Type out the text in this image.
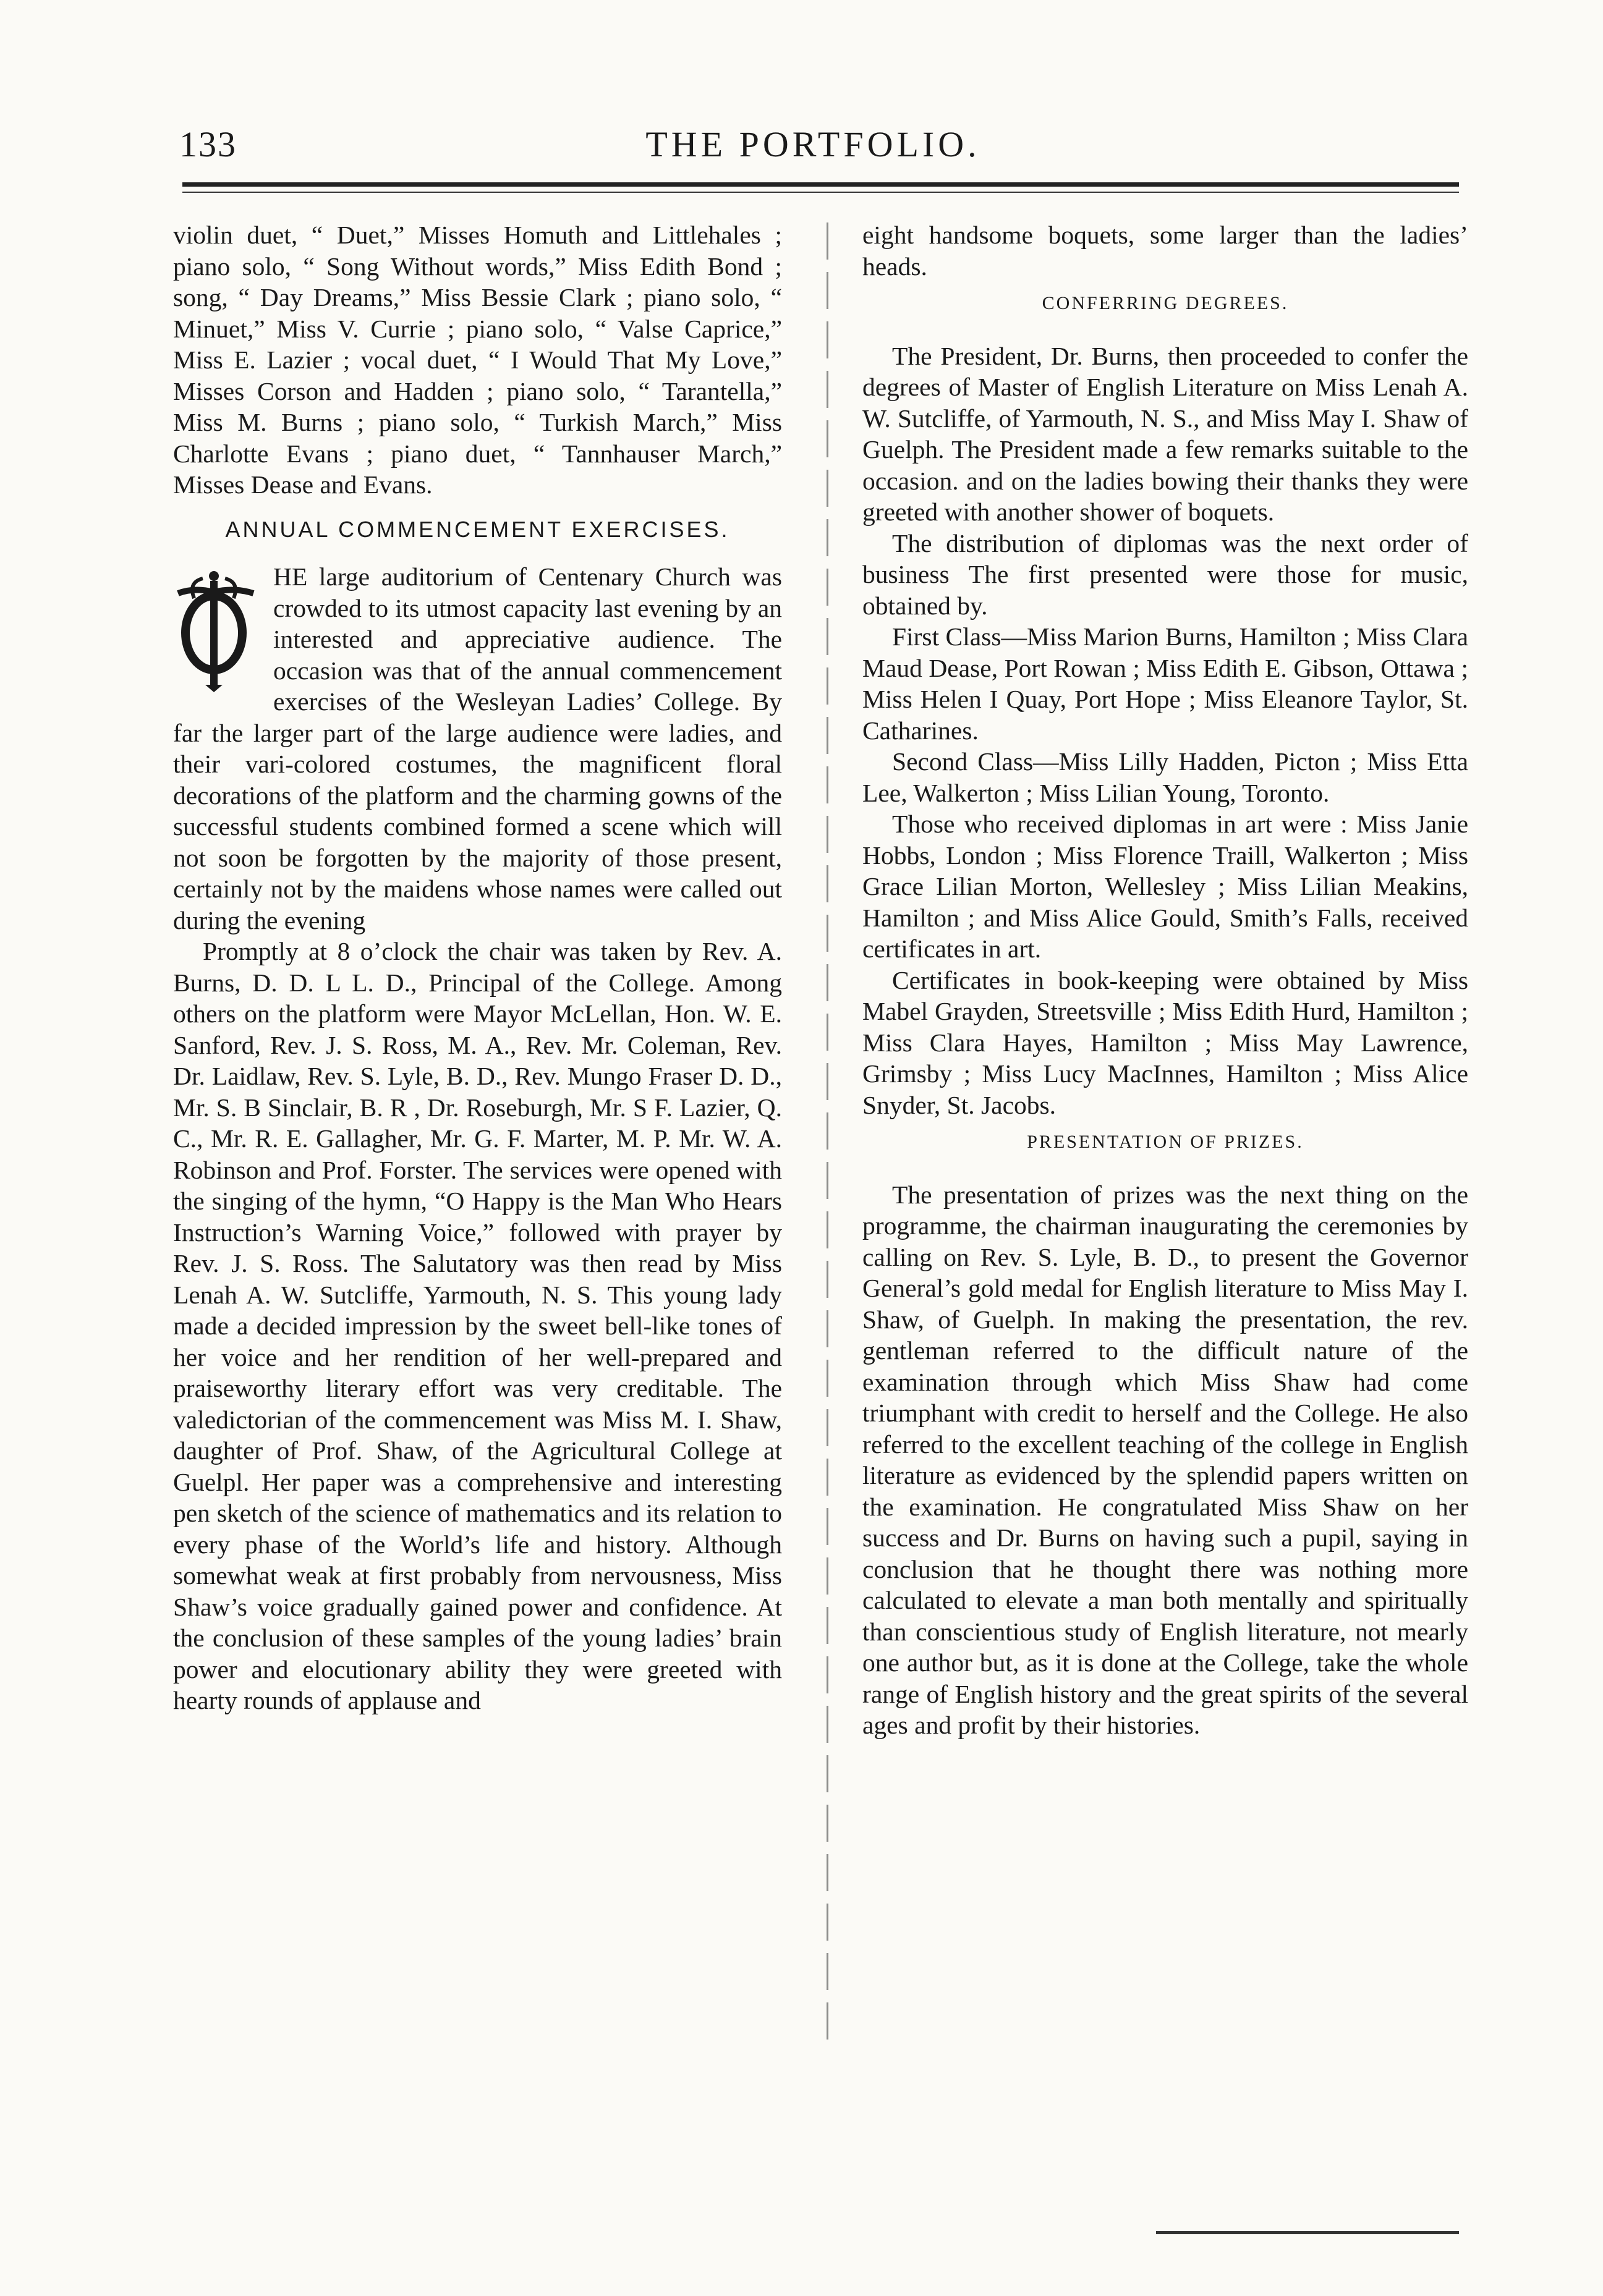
133	THE PORTFOLIO.

violin duet, “ Duet,” Misses Homuth and Littlehales ; piano solo, “ Song Without words,” Miss Edith Bond ; song, “ Day Dreams,” Miss Bessie Clark ; piano solo, “ Minuet,” Miss V. Currie ; piano solo, “ Valse Caprice,” Miss E. Lazier ; vocal duet, “ I Would That My Love,” Misses Corson and Hadden ; piano solo, “ Tarantella,” Miss M. Burns ; piano solo, “ Turkish March,” Miss Charlotte Evans ; piano duet, “ Tannhauser March,” Misses Dease and Evans.

ANNUAL COMMENCEMENT EXERCISES.

HE large auditorium of Centenary Church was crowded to its utmost capacity last evening by an interested and appreciative audience. The occasion was that of the annual commencement exercises of the Wesleyan Ladies’ College. By far the larger part of the large audience were ladies, and their vari-colored costumes, the magnificent floral decorations of the platform and the charming gowns of the successful students combined formed a scene which will not soon be forgotten by the majority of those present, certainly not by the maidens whose names were called out during the evening

Promptly at 8 o’clock the chair was taken by Rev. A. Burns, D. D. L L. D., Principal of the College. Among others on the platform were Mayor McLellan, Hon. W. E. Sanford, Rev. J. S. Ross, M. A., Rev. Mr. Coleman, Rev. Dr. Laidlaw, Rev. S. Lyle, B. D., Rev. Mungo Fraser D. D., Mr. S. B Sinclair, B. R , Dr. Roseburgh, Mr. S F. Lazier, Q. C., Mr. R. E. Gallagher, Mr. G. F. Marter, M. P. Mr. W. A. Robinson and Prof. Forster. The services were opened with the singing of the hymn, “O Happy is the Man Who Hears Instruction’s Warning Voice,” followed with prayer by Rev. J. S. Ross. The Salutatory was then read by Miss Lenah A. W. Sutcliffe, Yarmouth, N. S. This young lady made a decided impression by the sweet bell-like tones of her voice and her rendition of her well-prepared and praiseworthy literary effort was very creditable. The valedictorian of the commencement was Miss M. I. Shaw, daughter of Prof. Shaw, of the Agricultural College at Guelpl. Her paper was a comprehensive and interesting pen sketch of the science of mathematics and its relation to every phase of the World’s life and history. Although somewhat weak at first probably from nervousness, Miss Shaw’s voice gradually gained power and confidence. At the conclusion of these samples of the young ladies’ brain power and elocutionary ability they were greeted with hearty rounds of applause and

eight handsome boquets, some larger than the ladies’ heads.

CONFERRING DEGREES.

The President, Dr. Burns, then proceeded to confer the degrees of Master of English Literature on Miss Lenah A. W. Sutcliffe, of Yarmouth, N. S., and Miss May I. Shaw of Guelph. The President made a few remarks suitable to the occasion. and on the ladies bowing their thanks they were greeted with another shower of boquets.

The distribution of diplomas was the next order of business The first presented were those for music, obtained by.

First Class—Miss Marion Burns, Hamilton ; Miss Clara Maud Dease, Port Rowan ; Miss Edith E. Gibson, Ottawa ; Miss Helen I Quay, Port Hope ; Miss Eleanore Taylor, St. Catharines.

Second Class—Miss Lilly Hadden, Picton ; Miss Etta Lee, Walkerton ; Miss Lilian Young, Toronto.

Those who received diplomas in art were : Miss Janie Hobbs, London ; Miss Florence Traill, Walkerton ; Miss Grace Lilian Morton, Wellesley ; Miss Lilian Meakins, Hamilton ; and Miss Alice Gould, Smith’s Falls, received certificates in art.

Certificates in book-keeping were obtained by Miss Mabel Grayden, Streetsville ; Miss Edith Hurd, Hamilton ; Miss Clara Hayes, Hamilton ; Miss May Lawrence, Grimsby ; Miss Lucy MacInnes, Hamilton ; Miss Alice Snyder, St. Jacobs.

PRESENTATION OF PRIZES.

The presentation of prizes was the next thing on the programme, the chairman inaugurating the ceremonies by calling on Rev. S. Lyle, B. D., to present the Governor General’s gold medal for English literature to Miss May I. Shaw, of Guelph. In making the presentation, the rev. gentleman referred to the difficult nature of the examination through which Miss Shaw had come triumphant with credit to herself and the College. He also referred to the excellent teaching of the college in English literature as evidenced by the splendid papers written on the examination. He congratulated Miss Shaw on her success and Dr. Burns on having such a pupil, saying in conclusion that he thought there was nothing more calculated to elevate a man both mentally and spiritually than conscientious study of English literature, not mearly one author but, as it is done at the College, take the whole range of English history and the great spirits of the several ages and profit by their histories.
